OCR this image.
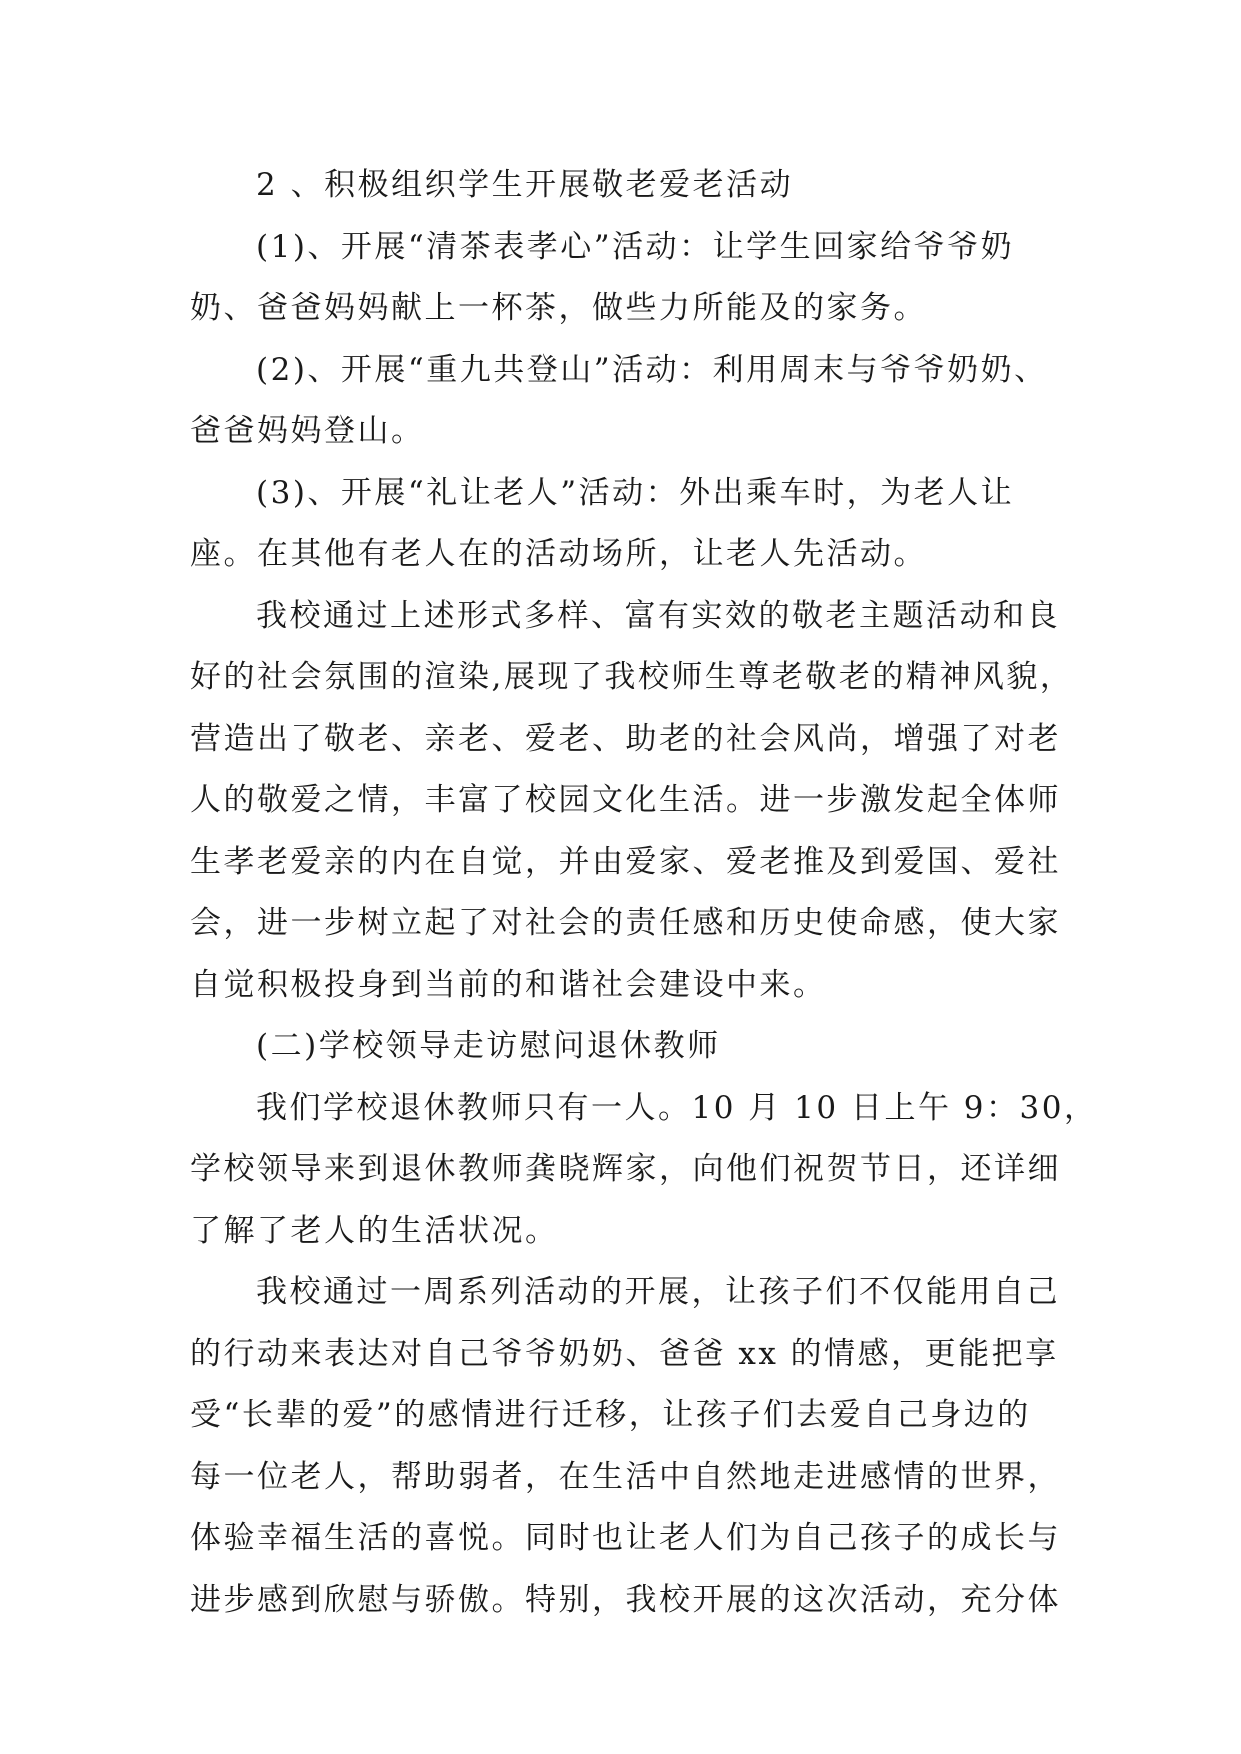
2 、积极组织学生开展敬老爱老活动
(1)、开展“清茶表孝心”活动：让学生回家给爷爷奶
奶、爸爸妈妈献上一杯茶，做些力所能及的家务。
(2)、开展“重九共登山”活动：利用周末与爷爷奶奶、
爸爸妈妈登山。
(3)、开展“礼让老人”活动：外出乘车时，为老人让
座。在其他有老人在的活动场所，让老人先活动。
我校通过上述形式多样、富有实效的敬老主题活动和良
好的社会氛围的渲染,展现了我校师生尊老敬老的精神风貌，
营造出了敬老、亲老、爱老、助老的社会风尚，增强了对老
人的敬爱之情，丰富了校园文化生活。进一步激发起全体师
生孝老爱亲的内在自觉，并由爱家、爱老推及到爱国、爱社
会，进一步树立起了对社会的责任感和历史使命感，使大家
自觉积极投身到当前的和谐社会建设中来。
(二)学校领导走访慰问退休教师
我们学校退休教师只有一人。10 月 10 日上午 9：30，
学校领导来到退休教师龚晓辉家，向他们祝贺节日，还详细
了解了老人的生活状况。
我校通过一周系列活动的开展，让孩子们不仅能用自己
的行动来表达对自己爷爷奶奶、爸爸 xx 的情感，更能把享
受“长辈的爱”的感情进行迁移，让孩子们去爱自己身边的
每一位老人，帮助弱者，在生活中自然地走进感情的世界，
体验幸福生活的喜悦。同时也让老人们为自己孩子的成长与
进步感到欣慰与骄傲。特别，我校开展的这次活动，充分体
